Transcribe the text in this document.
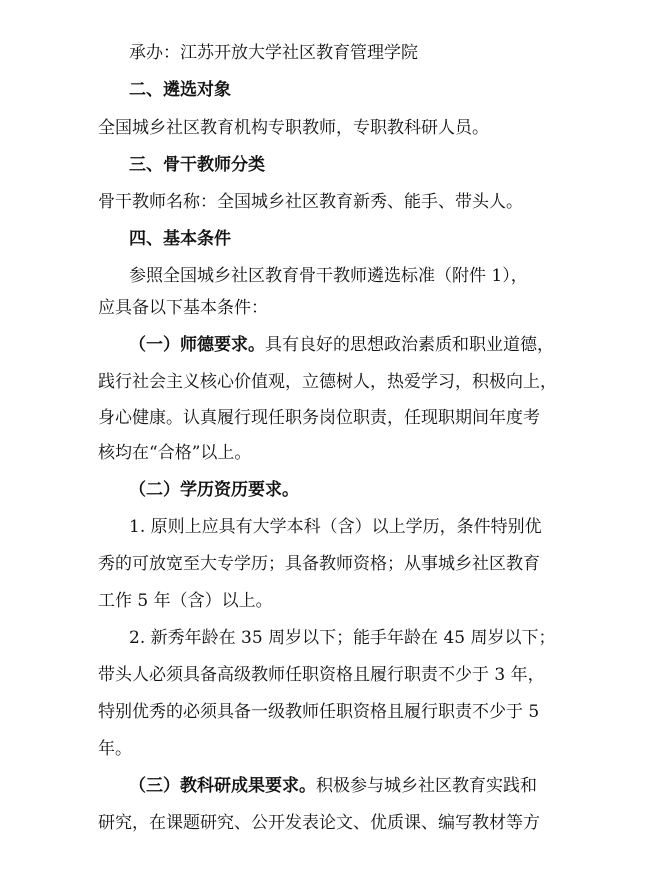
承办：江苏开放大学社区教育管理学院
二、遴选对象
全国城乡社区教育机构专职教师，专职教科研人员。
三、骨干教师分类
骨干教师名称：全国城乡社区教育新秀、能手、带头人。
四、基本条件
参照全国城乡社区教育骨干教师遴选标准（附件 1），
应具备以下基本条件：
（一）师德要求。具有良好的思想政治素质和职业道德，
践行社会主义核心价值观，立德树人，热爱学习，积极向上，
身心健康。认真履行现任职务岗位职责，任现职期间年度考
核均在“合格”以上。
（二）学历资历要求。
1. 原则上应具有大学本科（含）以上学历，条件特别优
秀的可放宽至大专学历；具备教师资格；从事城乡社区教育
工作 5 年（含）以上。
2. 新秀年龄在 35 周岁以下；能手年龄在 45 周岁以下；
带头人必须具备高级教师任职资格且履行职责不少于 3 年，
特别优秀的必须具备一级教师任职资格且履行职责不少于 5
年。
（三）教科研成果要求。积极参与城乡社区教育实践和
研究，在课题研究、公开发表论文、优质课、编写教材等方
